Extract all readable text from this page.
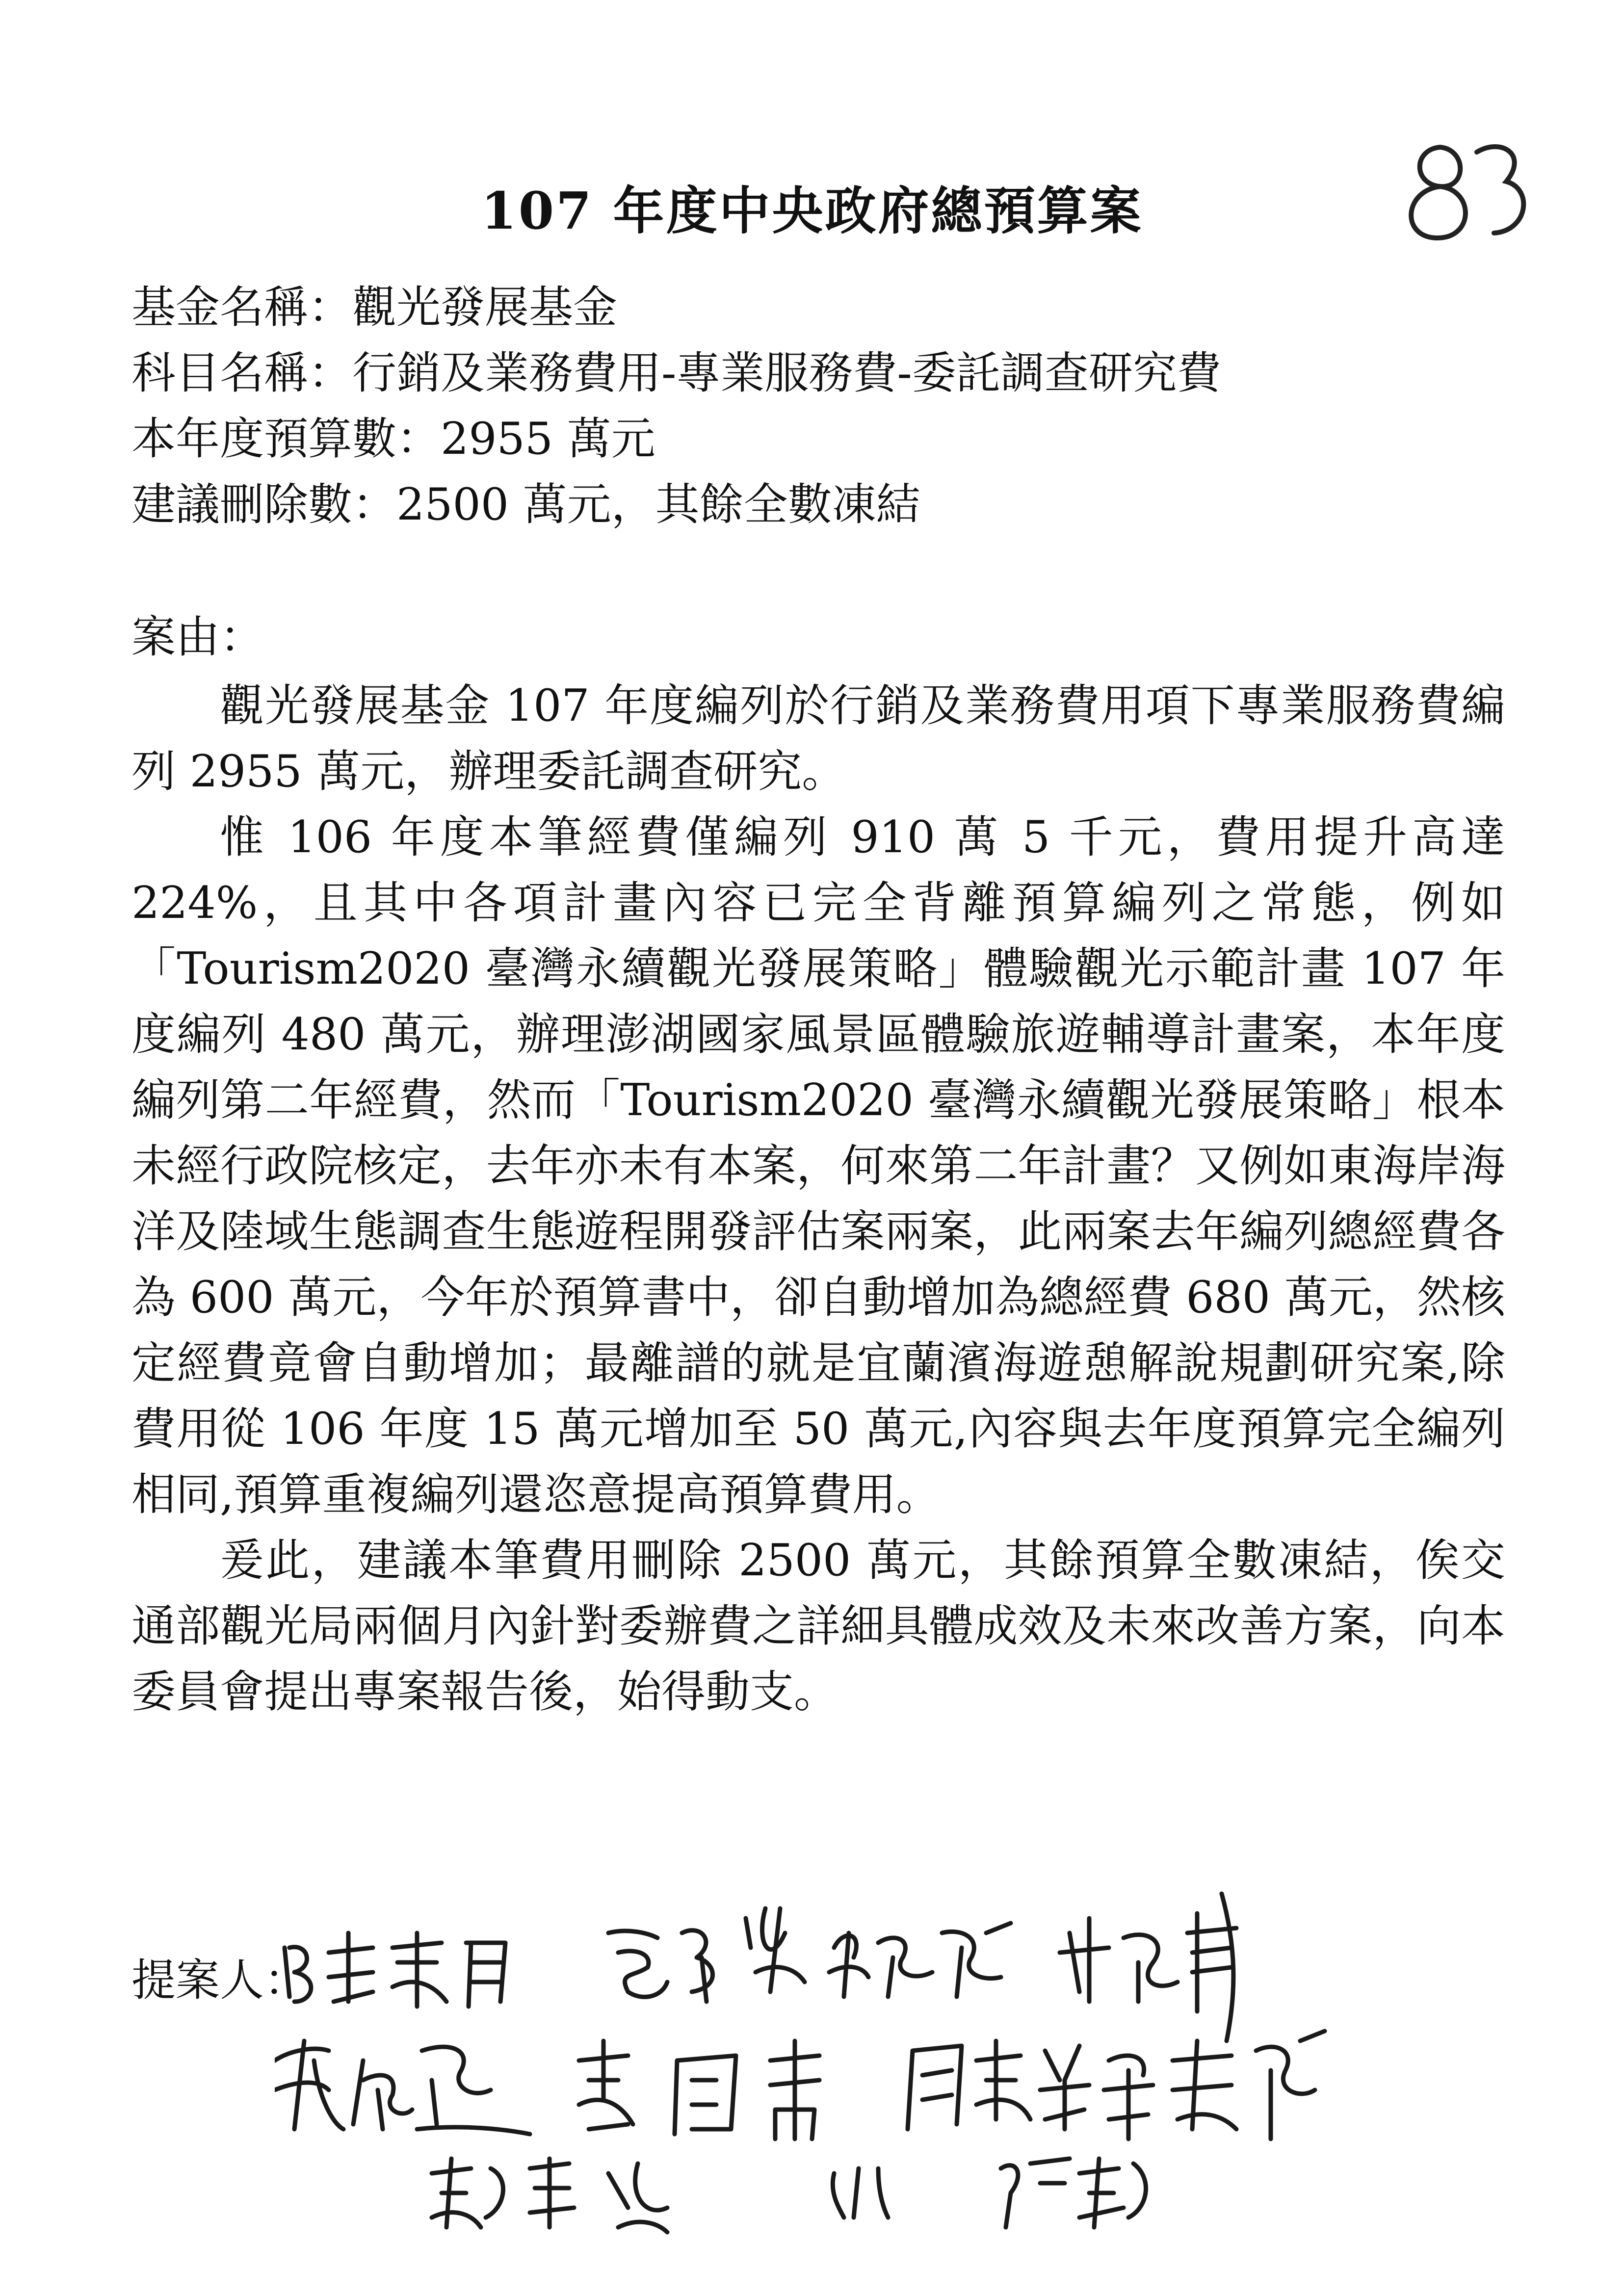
107 年度中央政府總預算案
基金名稱：觀光發展基金
科目名稱：行銷及業務費用-專業服務費-委託調查研究費
本年度預算數：2955 萬元
建議刪除數：2500 萬元，其餘全數凍結
案由：

觀光發展基金 107 年度編列於行銷及業務費用項下專業服務費編列 2955 萬元，辦理委託調查研究。

惟 106 年度本筆經費僅編列 910 萬 5 千元，費用提升高達 224%，且其中各項計畫內容已完全背離預算編列之常態，例如「Tourism2020 臺灣永續觀光發展策略」體驗觀光示範計畫 107 年度編列 480 萬元，辦理澎湖國家風景區體驗旅遊輔導計畫案，本年度編列第二年經費，然而「Tourism2020 臺灣永續觀光發展策略」根本未經行政院核定，去年亦未有本案，何來第二年計畫？又例如東海岸海洋及陸域生態調查生態遊程開發評估案兩案，此兩案去年編列總經費各為 600 萬元，今年於預算書中，卻自動增加為總經費 680 萬元，然核定經費竟會自動增加；最離譜的就是宜蘭濱海遊憩解說規劃研究案,除費用從 106 年度 15 萬元增加至 50 萬元,內容與去年度預算完全編列相同,預算重複編列還恣意提高預算費用。

爰此，建議本筆費用刪除 2500 萬元，其餘預算全數凍結，俟交通部觀光局兩個月內針對委辦費之詳細具體成效及未來改善方案，向本委員會提出專案報告後，始得動支。

提案人：
